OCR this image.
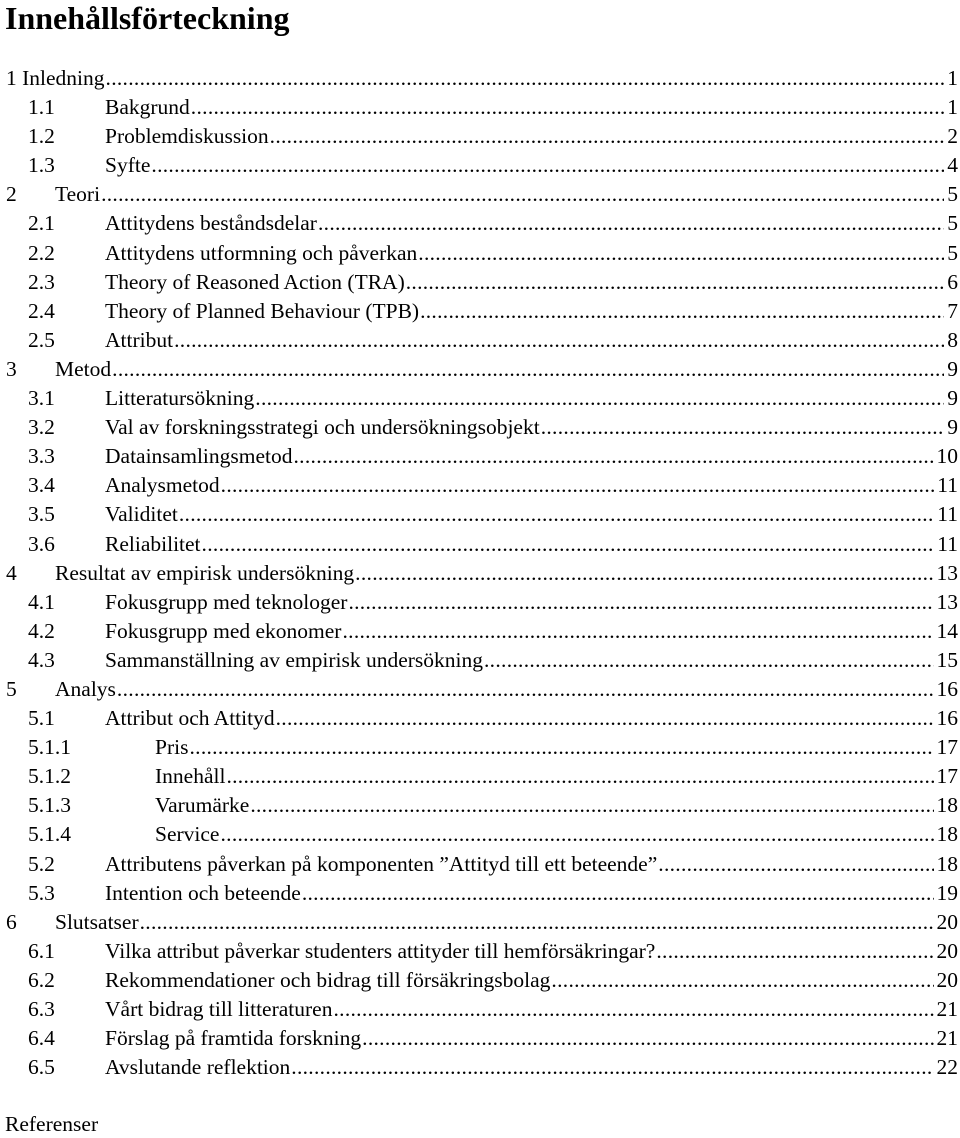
Innehållsförteckning
1 Inledning .....	1
1.1 Bakgrund .....	1
1.2 Problemdiskussion .....	2
1.3 Syfte .....	4
2 Teori .....	5
2.1 Attitydens beståndsdelar .....	5
2.2 Attitydens utformning och påverkan .....	5
2.3 Theory of Reasoned Action (TRA) .....	6
2.4 Theory of Planned Behaviour (TPB) .....	7
2.5 Attribut .....	8
3 Metod .....	9
3.1 Litteratursökning .....	9
3.2 Val av forskningsstrategi och undersökningsobjekt .....	9
3.3 Datainsamlingsmetod .....	10
3.4 Analysmetod .....	11
3.5 Validitet .....	11
3.6 Reliabilitet .....	11
4 Resultat av empirisk undersökning .....	13
4.1 Fokusgrupp med teknologer .....	13
4.2 Fokusgrupp med ekonomer .....	14
4.3 Sammanställning av empirisk undersökning .....	15
5 Analys .....	16
5.1 Attribut och Attityd .....	16
5.1.1	Pris .....	17
5.1.2	Innehåll .....	17
5.1.3	Varumärke .....	18
5.1.4	Service .....	18
5.2 Attributens påverkan på komponenten ”Attityd till ett beteende” .....	18
5.3 Intention och beteende .....	19
6 Slutsatser .....	20
6.1 Vilka attribut påverkar studenters attityder till hemförsäkringar? .....	20
6.2 Rekommendationer och bidrag till försäkringsbolag .....	20
6.3 Vårt bidrag till litteraturen .....	21
6.4 Förslag på framtida forskning .....	21
6.5 Avslutande reflektion .....	22
Referenser
